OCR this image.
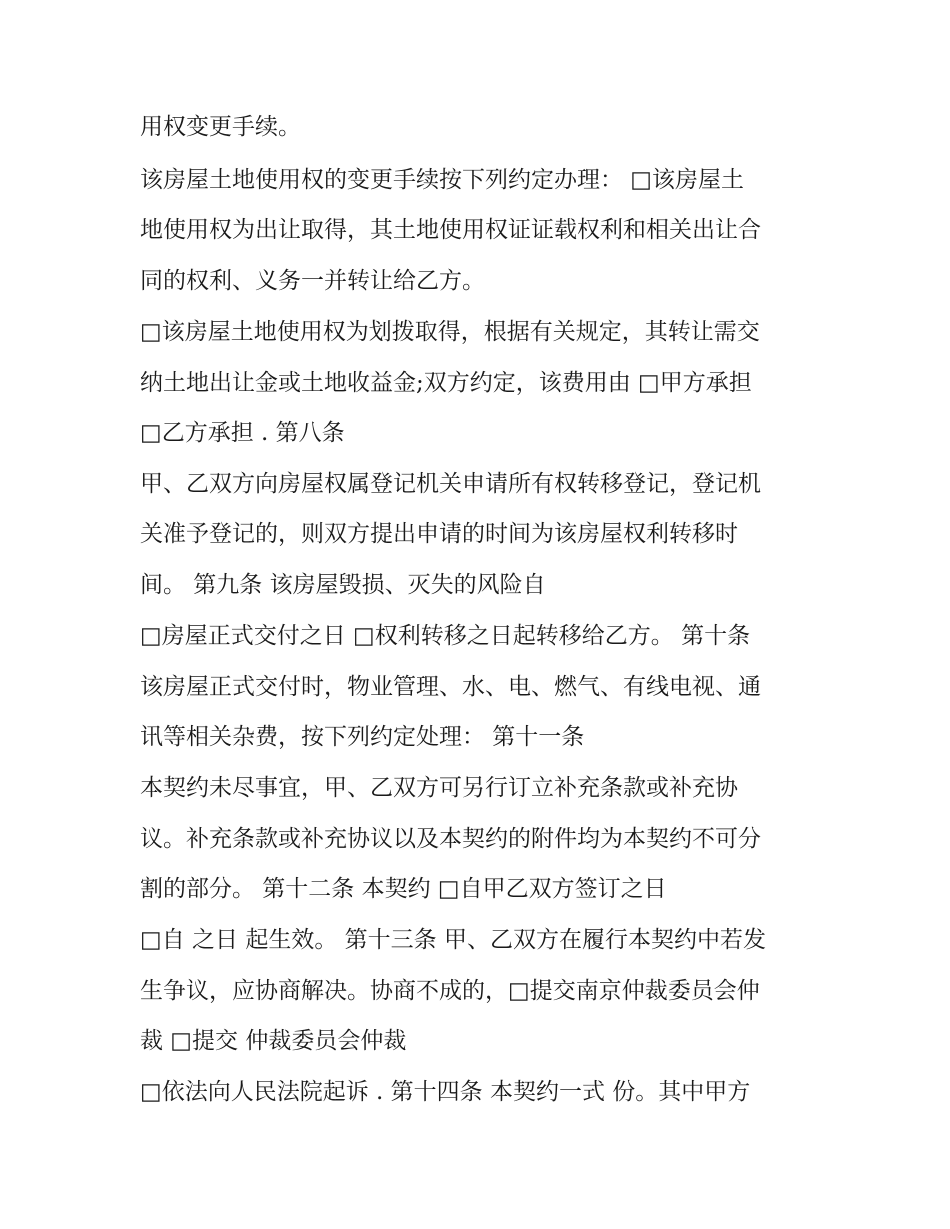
用权变更手续。
该房屋土地使用权的变更手续按下列约定办理： □该房屋土
地使用权为出让取得，其土地使用权证证载权利和相关出让合
同的权利、义务一并转让给乙方。
□该房屋土地使用权为划拨取得，根据有关规定，其转让需交
纳土地出让金或土地收益金;双方约定，该费用由 □甲方承担
□乙方承担 . 第八条
甲、乙双方向房屋权属登记机关申请所有权转移登记，登记机
关准予登记的，则双方提出申请的时间为该房屋权利转移时
间。 第九条 该房屋毁损、灭失的风险自
□房屋正式交付之日 □权利转移之日起转移给乙方。 第十条
该房屋正式交付时，物业管理、水、电、燃气、有线电视、通
讯等相关杂费，按下列约定处理： 第十一条
本契约未尽事宜，甲、乙双方可另行订立补充条款或补充协
议。补充条款或补充协议以及本契约的附件均为本契约不可分
割的部分。 第十二条 本契约 □自甲乙双方签订之日
□自 之日 起生效。 第十三条 甲、乙双方在履行本契约中若发
生争议，应协商解决。协商不成的，□提交南京仲裁委员会仲
裁 □提交 仲裁委员会仲裁
□依法向人民法院起诉 . 第十四条 本契约一式 份。其中甲方
